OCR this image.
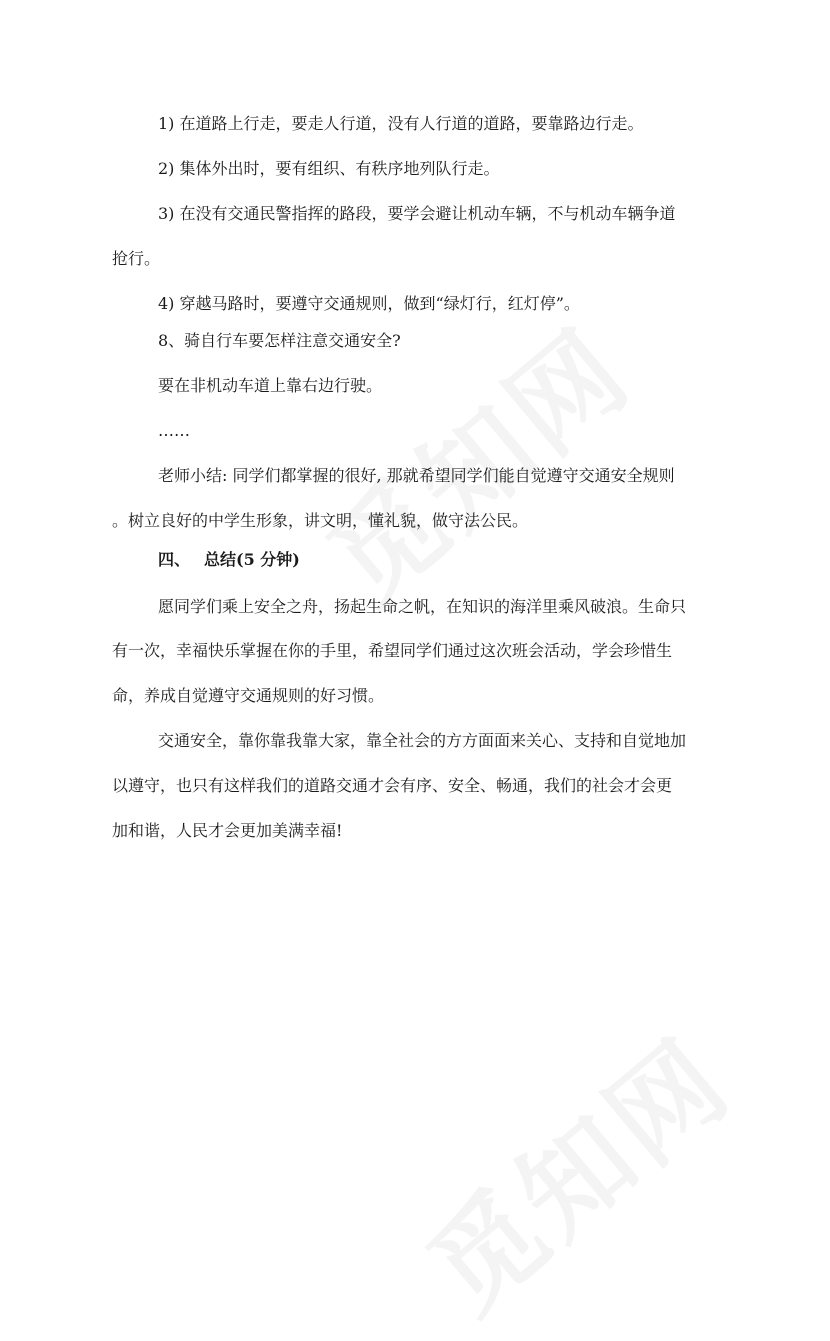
1) 在道路上行走，要走人行道，没有人行道的道路，要靠路边行走。
2) 集体外出时，要有组织、有秩序地列队行走。
3) 在没有交通民警指挥的路段，要学会避让机动车辆，不与机动车辆争道
抢行。
4) 穿越马路时，要遵守交通规则，做到“绿灯行，红灯停”。
8、骑自行车要怎样注意交通安全?
要在非机动车道上靠右边行驶。
……
老师小结: 同学们都掌握的很好, 那就希望同学们能自觉遵守交通安全规则
。树立良好的中学生形象，讲文明，懂礼貌，做守法公民。
四、 总结(5 分钟)
愿同学们乘上安全之舟，扬起生命之帆，在知识的海洋里乘风破浪。生命只
有一次，幸福快乐掌握在你的手里，希望同学们通过这次班会活动，学会珍惜生
命，养成自觉遵守交通规则的好习惯。
交通安全，靠你靠我靠大家，靠全社会的方方面面来关心、支持和自觉地加
以遵守，也只有这样我们的道路交通才会有序、安全、畅通，我们的社会才会更
加和谐，人民才会更加美满幸福!
